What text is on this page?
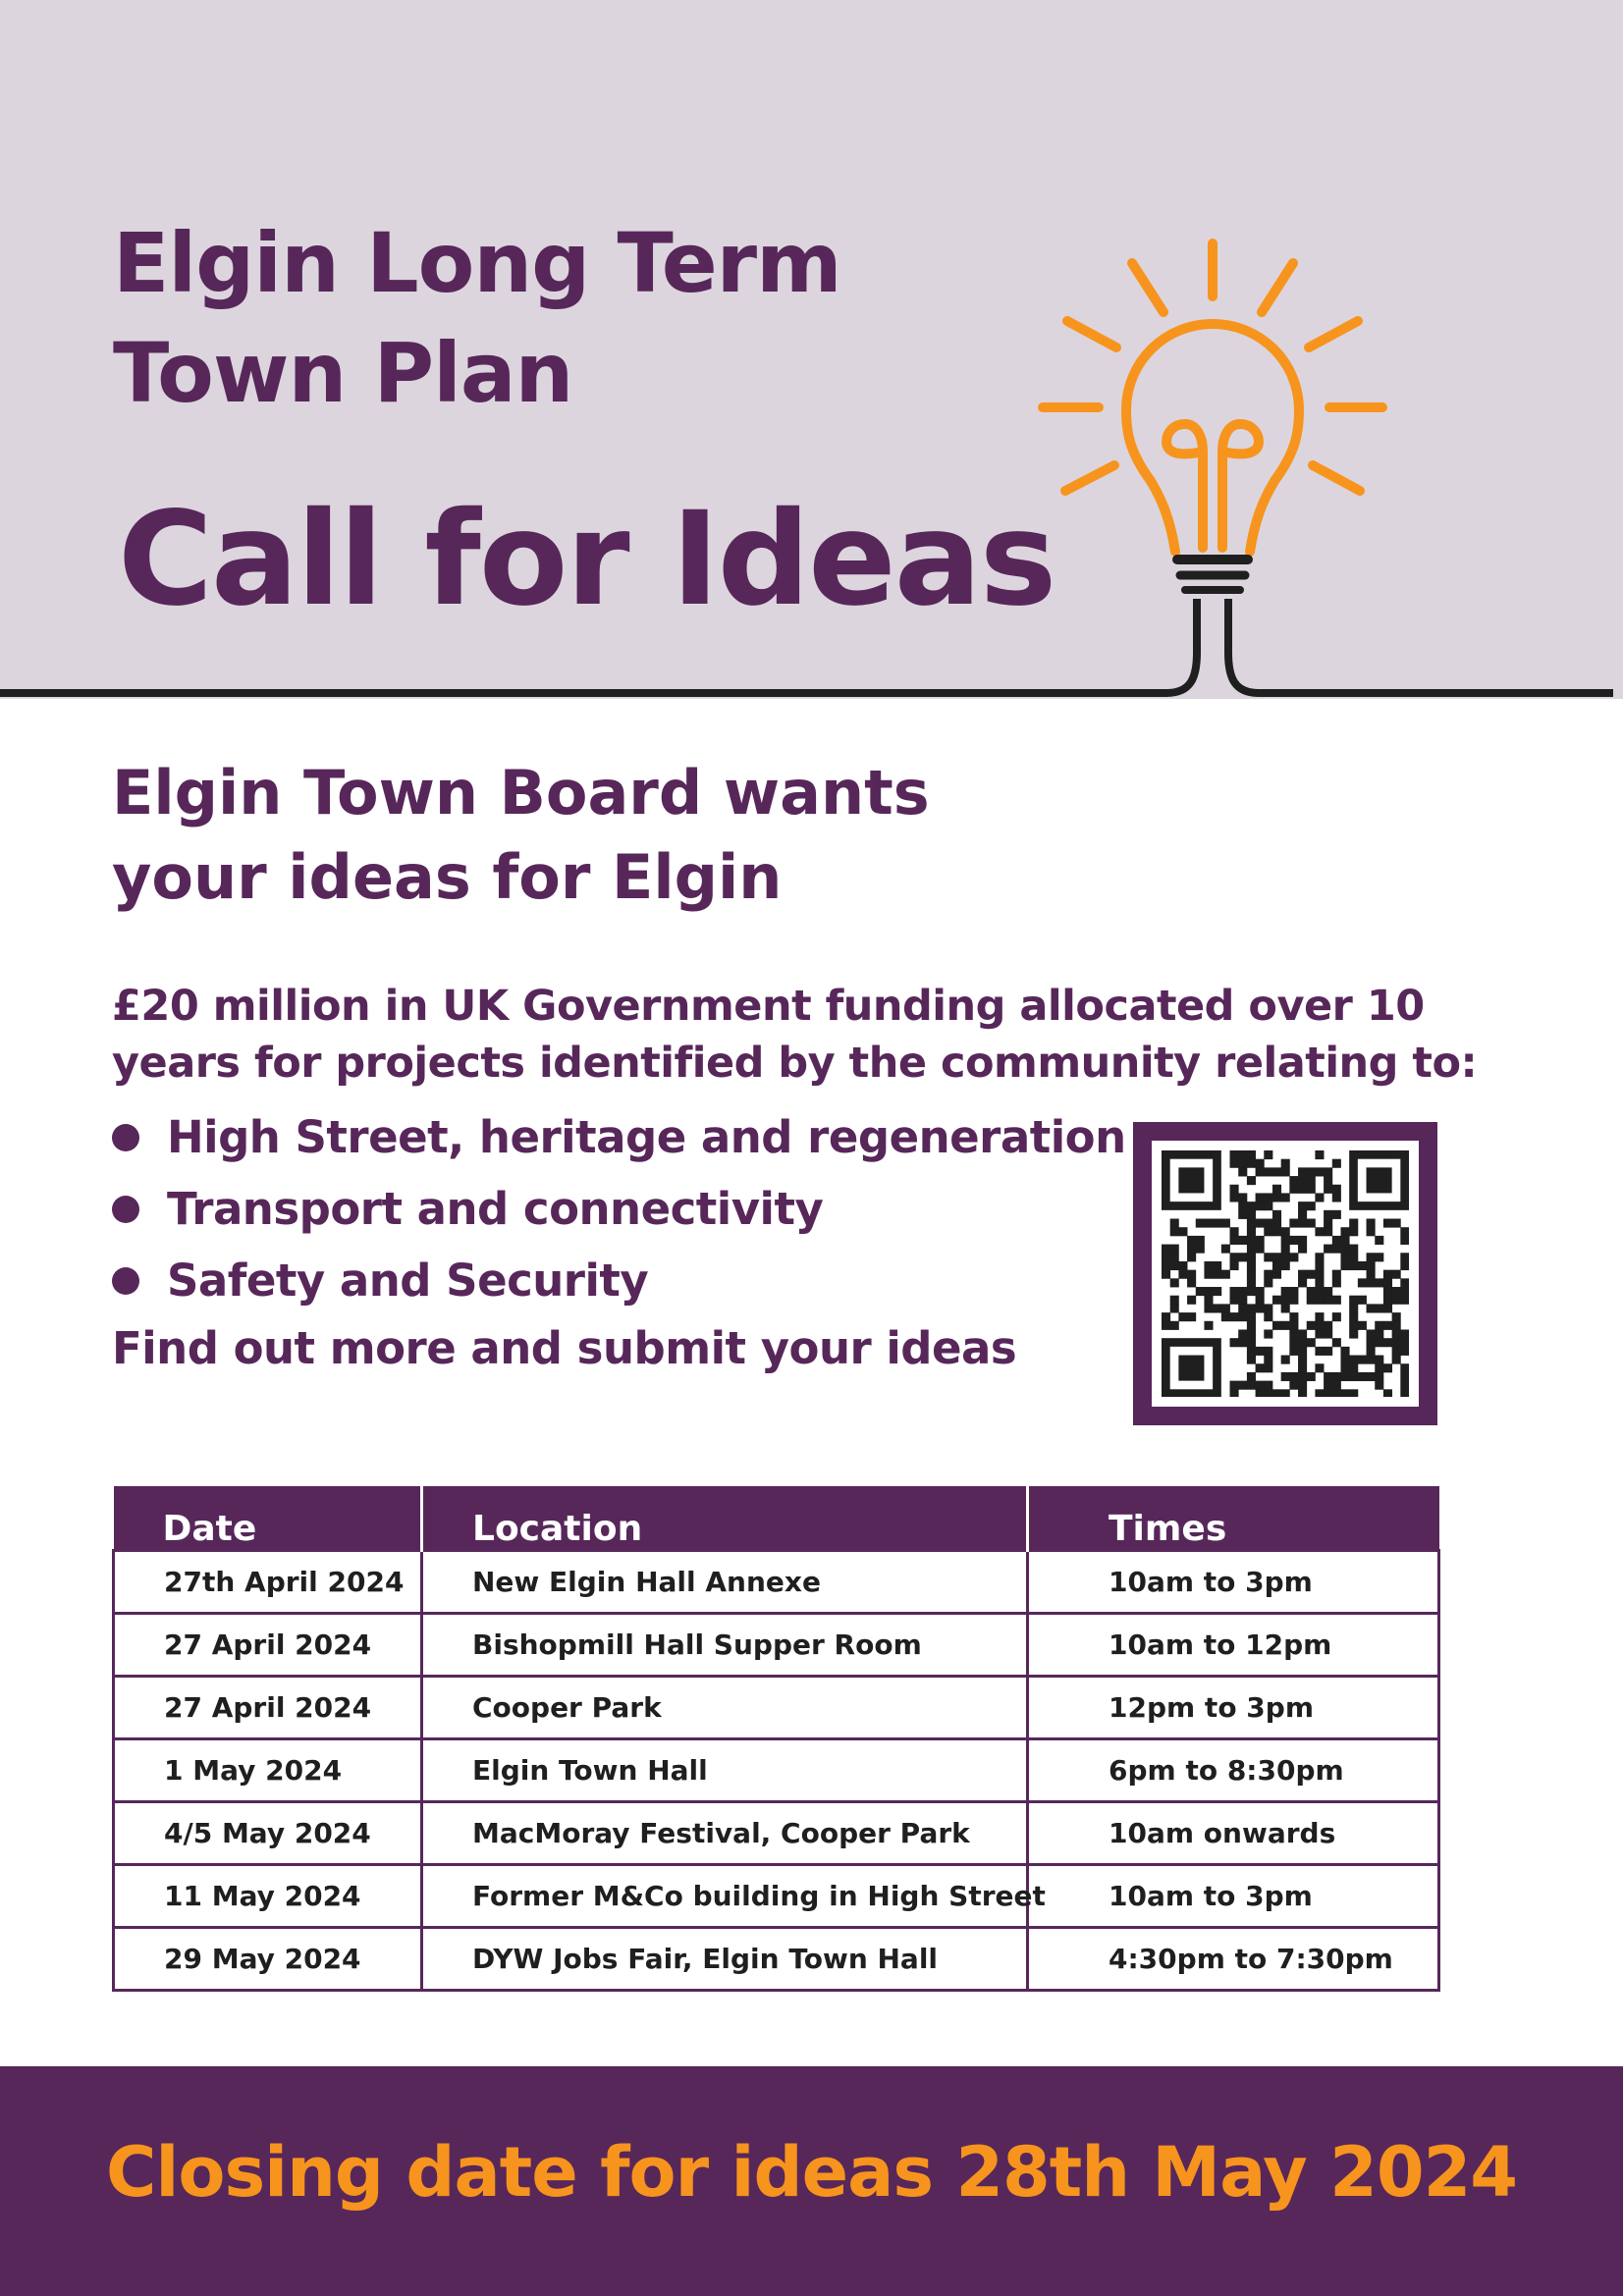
Elgin Long Term
Town Plan
Call for Ideas
Elgin Town Board wants
your ideas for Elgin

£20 million in UK Government funding allocated over 10
years for projects identified by the community relating to:

High Street, heritage and regeneration
Transport and connectivity
Safety and Security

Find out more and submit your ideas

Date	Location	Times
27th April 2024	New Elgin Hall Annexe	10am to 3pm
27 April 2024	Bishopmill Hall Supper Room	10am to 12pm
27 April 2024	Cooper Park	12pm to 3pm
1 May 2024	Elgin Town Hall	6pm to 8:30pm
4/5 May 2024	MacMoray Festival, Cooper Park	10am onwards
11 May 2024	Former M&Co building in High Street	10am to 3pm
29 May 2024	DYW Jobs Fair, Elgin Town Hall	4:30pm to 7:30pm

Closing date for ideas 28th May 2024
